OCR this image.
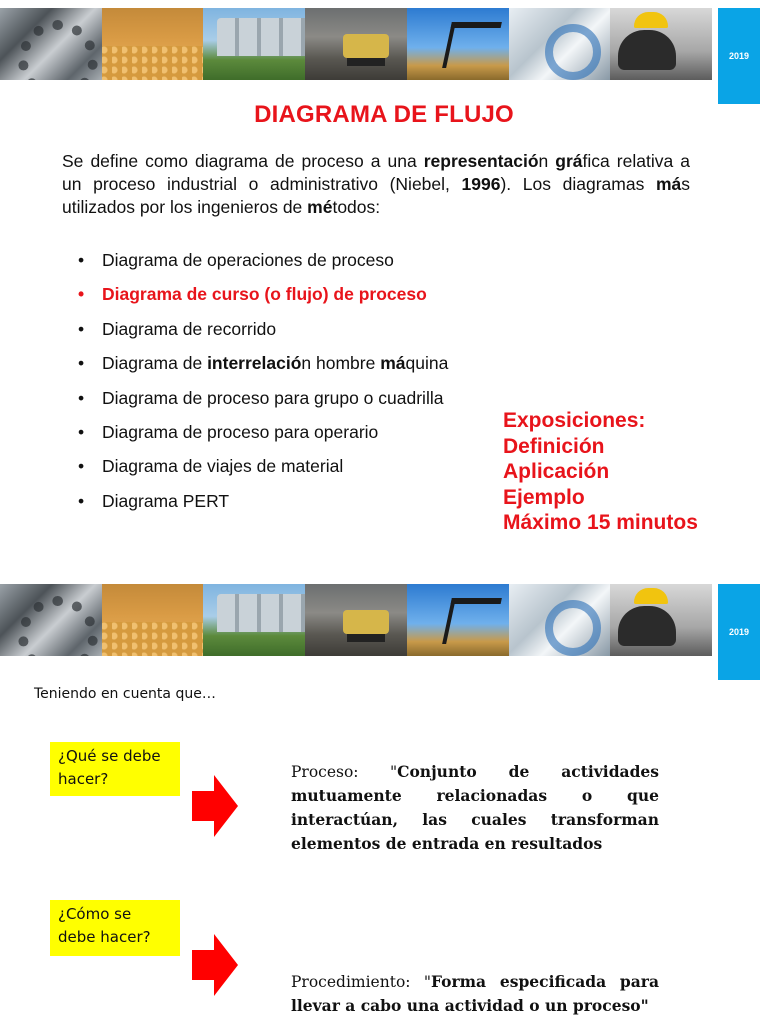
2019
DIAGRAMA DE FLUJO

Se define como diagrama de proceso a una representación gráfica relativa a un proceso industrial o administrativo (Niebel, 1996). Los diagramas más utilizados por los ingenieros de métodos:

•	Diagrama de operaciones de proceso
•	Diagrama de curso (o flujo) de proceso
•	Diagrama de recorrido
•	Diagrama de interrelación hombre máquina
•	Diagrama de proceso para grupo o cuadrilla
•	Diagrama de proceso para operario
•	Diagrama de viajes de material
•	Diagrama PERT
Exposiciones:
Definición
Aplicación
Ejemplo
Máximo 15 minutos
2019
Teniendo en cuenta que…
¿Qué se debe hacer?	Proceso: "Conjunto de actividades mutuamente relacionadas o que interactúan, las cuales transforman elementos de entrada en resultados
¿Cómo se debe hacer?
Procedimiento: "Forma especificada para llevar a cabo una actividad o un proceso"
